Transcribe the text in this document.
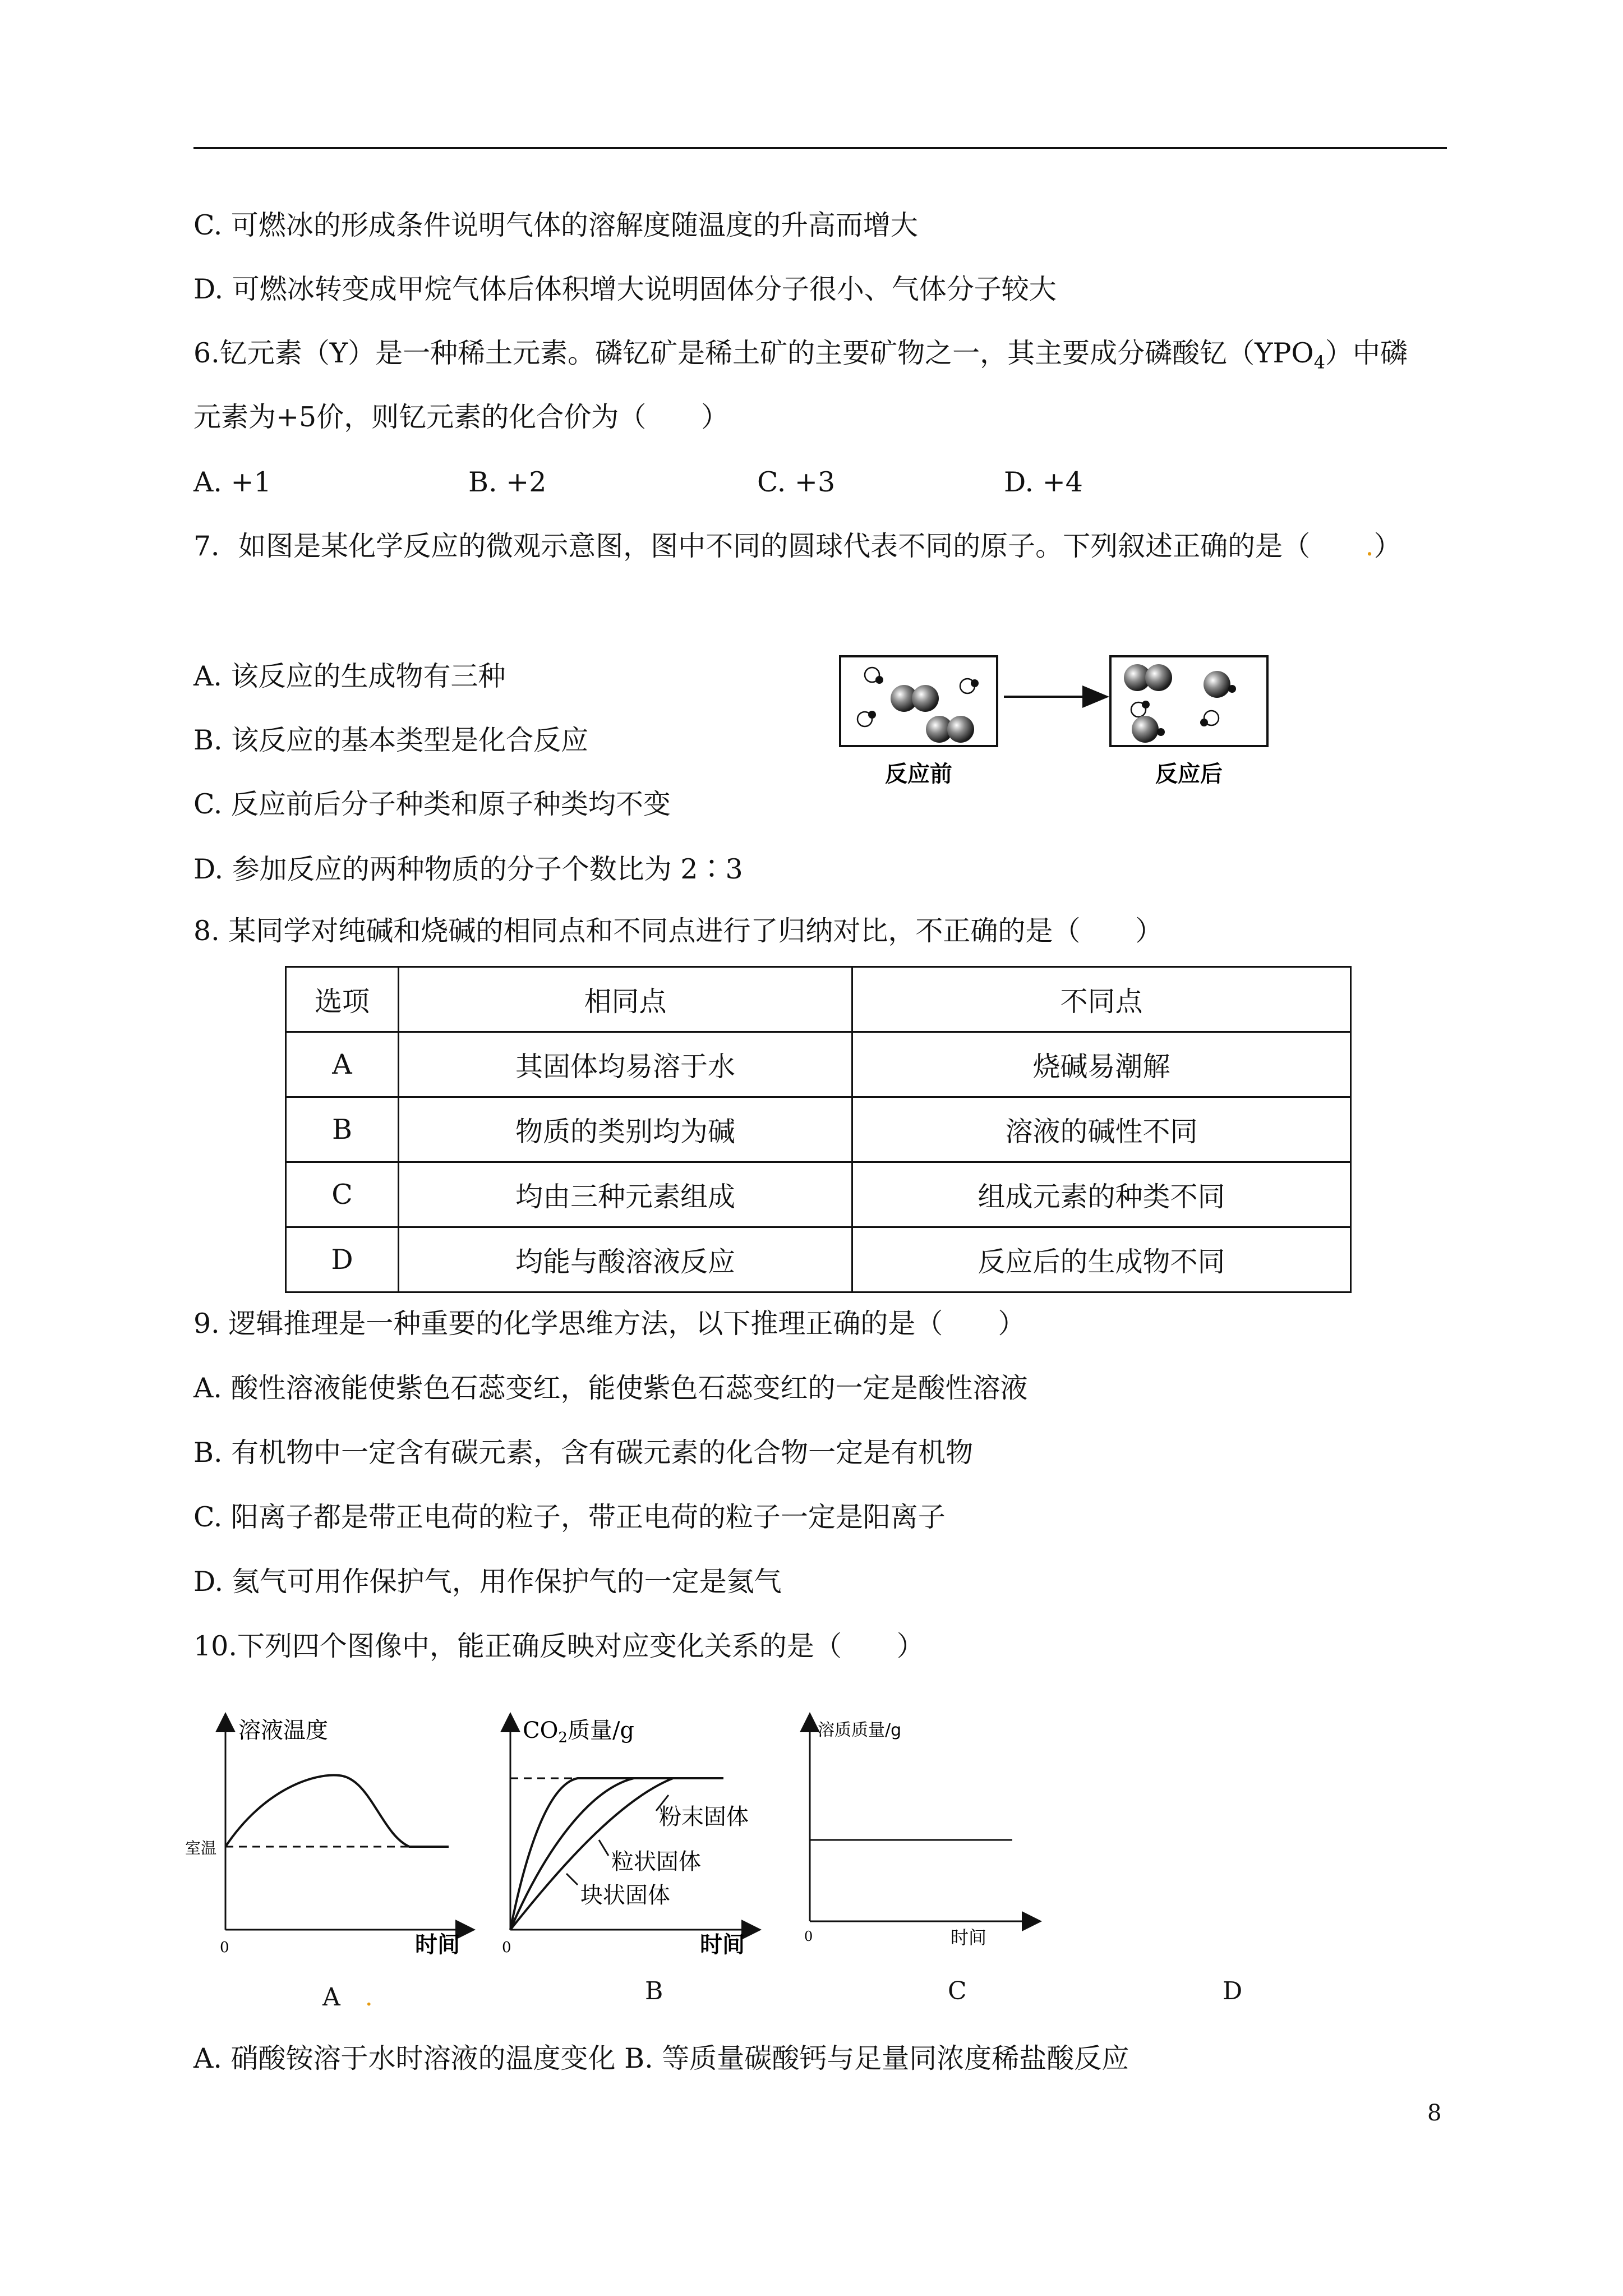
C. 可燃冰的形成条件说明气体的溶解度随温度的升高而增大
D. 可燃冰转变成甲烷气体后体积增大说明固体分子很小、气体分子较大
6.钇元素（Y）是一种稀土元素。磷钇矿是稀土矿的主要矿物之一，其主要成分磷酸钇$(YPO_4)$中磷
元素为+5价，则钇元素的化合价为（　　）
A. +1	B. +2	C. +3	D. +4
7．如图是某化学反应的微观示意图，图中不同的圆球代表不同的原子。下列叙述正确的是（　　.）
A. 该反应的生成物有三种
B. 该反应的基本类型是化合反应
C. 反应前后分子种类和原子种类均不变
D. 参加反应的两种物质的分子个数比为 2∶3
反应前	反应后
8. 某同学对纯碱和烧碱的相同点和不同点进行了归纳对比，不正确的是（　　）
选项	相同点	不同点
A	其固体均易溶于水	烧碱易潮解
B	物质的类别均为碱	溶液的碱性不同
C	均由三种元素组成	组成元素的种类不同
D	均能与酸溶液反应	反应后的生成物不同
9. 逻辑推理是一种重要的化学思维方法，以下推理正确的是（　　）
A. 酸性溶液能使紫色石蕊变红，能使紫色石蕊变红的一定是酸性溶液
B. 有机物中一定含有碳元素，含有碳元素的化合物一定是有机物
C. 阳离子都是带正电荷的粒子，带正电荷的粒子一定是阳离子
D. 氦气可用作保护气，用作保护气的一定是氦气
10.下列四个图像中，能正确反映对应变化关系的是（　　）
溶液温度
室温
0	时间
$CO_2$质量/g
粉末固体
粒状固体
块状固体
0	时间
溶质质量/g
0	时间
A　 .	B	C	D
A. 硝酸铵溶于水时溶液的温度变化 B. 等质量碳酸钙与足量同浓度稀盐酸反应
8
